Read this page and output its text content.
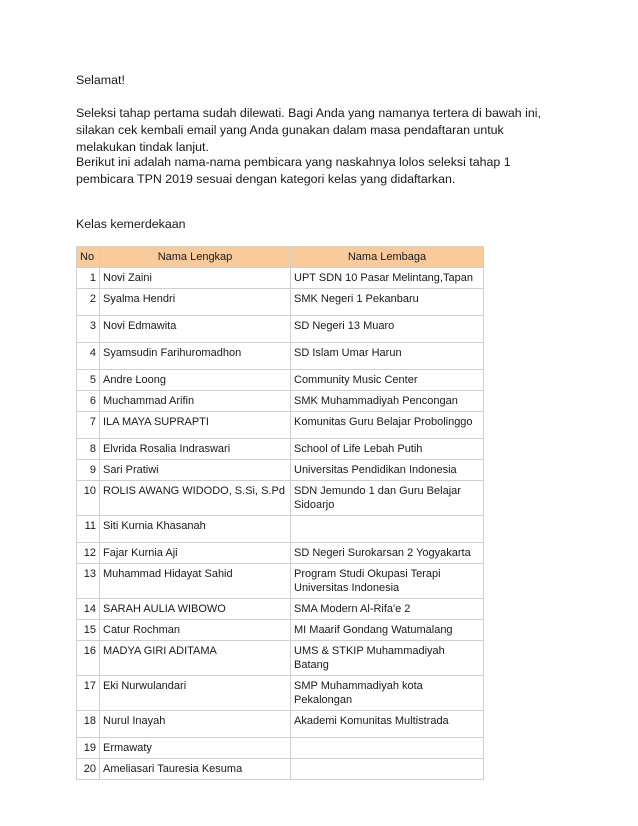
Selamat!

Seleksi tahap pertama sudah dilewati. Bagi Anda yang namanya tertera di bawah ini, silakan cek kembali email yang Anda gunakan dalam masa pendaftaran untuk melakukan tindak lanjut.

Berikut ini adalah nama-nama pembicara yang naskahnya lolos seleksi tahap 1 pembicara TPN 2019 sesuai dengan kategori kelas yang didaftarkan.

Kelas kemerdekaan

No	Nama Lengkap	Nama Lembaga
1	Novi Zaini	UPT SDN 10 Pasar Melintang,Tapan
2	Syalma Hendri	SMK Negeri 1 Pekanbaru
3	Novi Edmawita	SD Negeri 13 Muaro
4	Syamsudin Farihuromadhon	SD Islam Umar Harun
5	Andre Loong	Community Music Center
6	Muchammad Arifin	SMK Muhammadiyah Pencongan
7	ILA MAYA SUPRAPTI	Komunitas Guru Belajar Probolinggo
8	Elvrida Rosalia Indraswari	School of Life Lebah Putih
9	Sari Pratiwi	Universitas Pendidikan Indonesia
10	ROLIS AWANG WIDODO, S.Si, S.Pd	SDN Jemundo 1 dan Guru Belajar Sidoarjo
11	Siti Kurnia Khasanah	
12	Fajar Kurnia Aji	SD Negeri Surokarsan 2 Yogyakarta
13	Muhammad Hidayat Sahid	Program Studi Okupasi Terapi Universitas Indonesia
14	SARAH AULIA WIBOWO	SMA Modern Al-Rifa'e 2
15	Catur Rochman	MI Maarif Gondang Watumalang
16	MADYA GIRI ADITAMA	UMS & STKIP Muhammadiyah Batang
17	Eki Nurwulandari	SMP Muhammadiyah kota Pekalongan
18	Nurul Inayah	Akademi Komunitas Multistrada
19	Ermawaty	
20	Ameliasari Tauresia Kesuma	
